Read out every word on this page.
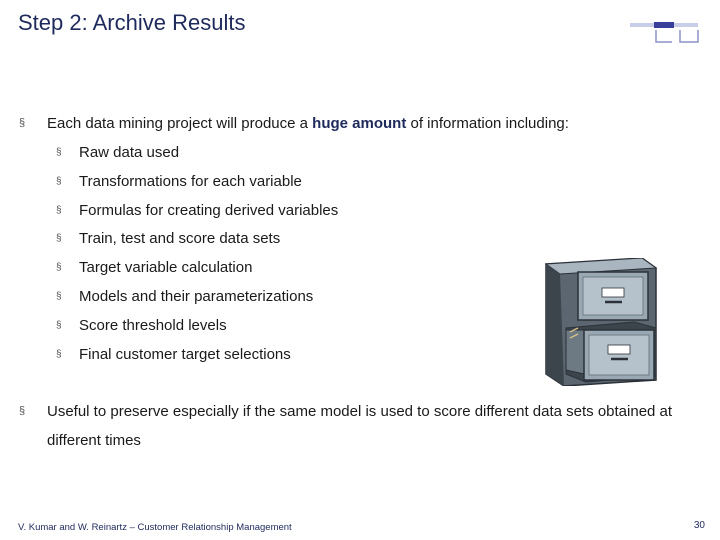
Step 2: Archive Results
§ Each data mining project will produce a huge amount of information including:
§ Raw data used
§ Transformations for each variable
§ Formulas for creating derived variables
§ Train, test and score data sets
§ Target variable calculation
§ Models and their parameterizations
§ Score threshold levels
§ Final customer target selections
§ Useful to preserve especially if the same model is used to score different data sets obtained at different times
V. Kumar and W. Reinartz – Customer Relationship Management	30
